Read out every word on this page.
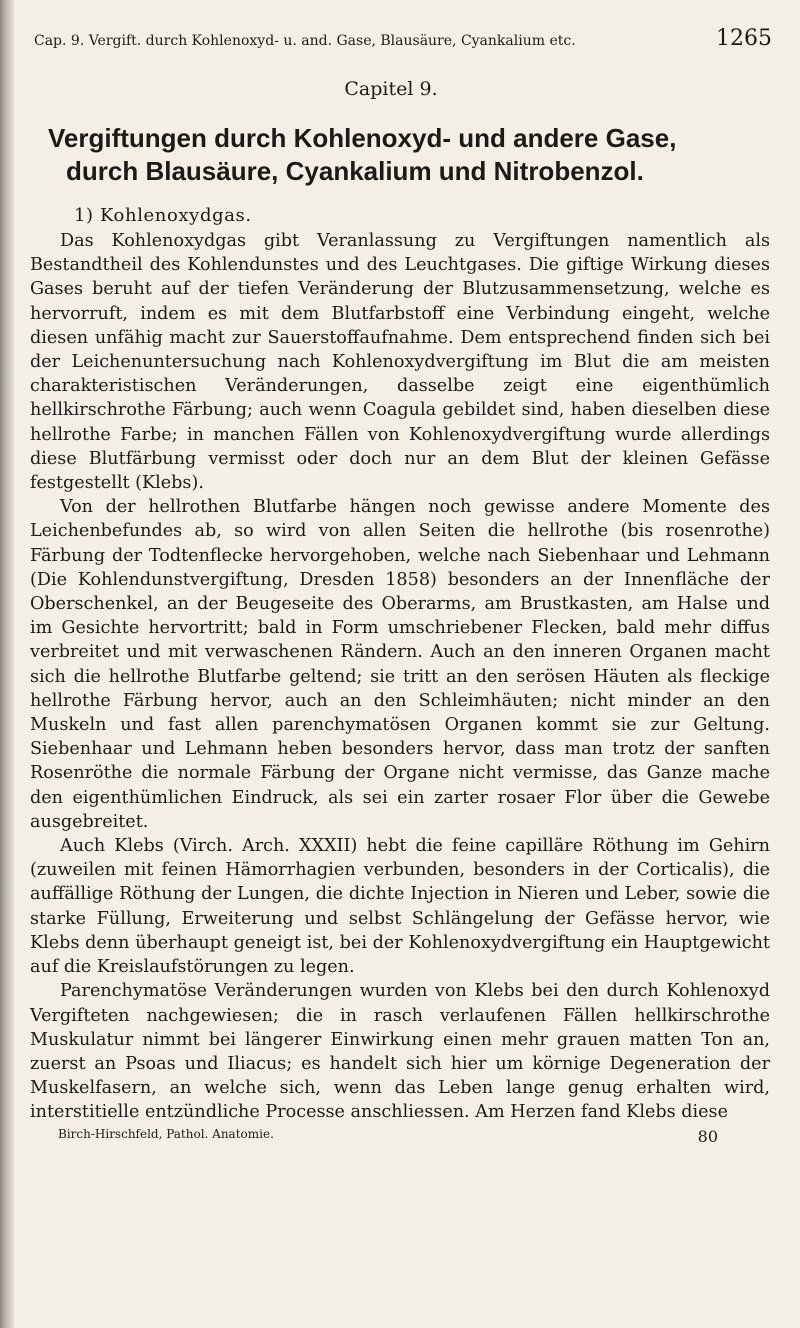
Cap. 9. Vergift. durch Kohlenoxyd- u. and. Gase, Blausäure, Cyankalium etc.	1265
Capitel 9.
Vergiftungen durch Kohlenoxyd- und andere Gase,
durch Blausäure, Cyankalium und Nitrobenzol.
1) Kohlenoxydgas.

Das Kohlenoxydgas gibt Veranlassung zu Vergiftungen namentlich als Bestandtheil des Kohlendunstes und des Leuchtgases. Die giftige Wirkung dieses Gases beruht auf der tiefen Veränderung der Blutzusammensetzung, welche es hervorruft, indem es mit dem Blutfarbstoff eine Verbindung eingeht, welche diesen unfähig macht zur Sauerstoffaufnahme. Dem entsprechend finden sich bei der Leichenuntersuchung nach Kohlenoxydvergiftung im Blut die am meisten charakteristischen Veränderungen, dasselbe zeigt eine eigenthümlich hellkirschrothe Färbung; auch wenn Coagula gebildet sind, haben dieselben diese hellrothe Farbe; in manchen Fällen von Kohlenoxydvergiftung wurde allerdings diese Blutfärbung vermisst oder doch nur an dem Blut der kleinen Gefässe festgestellt (Klebs).

Von der hellrothen Blutfarbe hängen noch gewisse andere Momente des Leichenbefundes ab, so wird von allen Seiten die hellrothe (bis rosenrothe) Färbung der Todtenflecke hervorgehoben, welche nach Siebenhaar und Lehmann (Die Kohlendunstvergiftung, Dresden 1858) besonders an der Innenfläche der Oberschenkel, an der Beugeseite des Oberarms, am Brustkasten, am Halse und im Gesichte hervortritt; bald in Form umschriebener Flecken, bald mehr diffus verbreitet und mit verwaschenen Rändern. Auch an den inneren Organen macht sich die hellrothe Blutfarbe geltend; sie tritt an den serösen Häuten als fleckige hellrothe Färbung hervor, auch an den Schleimhäuten; nicht minder an den Muskeln und fast allen parenchymatösen Organen kommt sie zur Geltung. Siebenhaar und Lehmann heben besonders hervor, dass man trotz der sanften Rosenröthe die normale Färbung der Organe nicht vermisse, das Ganze mache den eigenthümlichen Eindruck, als sei ein zarter rosaer Flor über die Gewebe ausgebreitet.

Auch Klebs (Virch. Arch. XXXII) hebt die feine capilläre Röthung im Gehirn (zuweilen mit feinen Hämorrhagien verbunden, besonders in der Corticalis), die auffällige Röthung der Lungen, die dichte Injection in Nieren und Leber, sowie die starke Füllung, Erweiterung und selbst Schlängelung der Gefässe hervor, wie Klebs denn überhaupt geneigt ist, bei der Kohlenoxydvergiftung ein Hauptgewicht auf die Kreislaufstörungen zu legen.

Parenchymatöse Veränderungen wurden von Klebs bei den durch Kohlenoxyd Vergifteten nachgewiesen; die in rasch verlaufenen Fällen hellkirschrothe Muskulatur nimmt bei längerer Einwirkung einen mehr grauen matten Ton an, zuerst an Psoas und Iliacus; es handelt sich hier um körnige Degeneration der Muskelfasern, an welche sich, wenn das Leben lange genug erhalten wird, interstitielle entzündliche Processe anschliessen. Am Herzen fand Klebs diese

Birch-Hirschfeld, Pathol. Anatomie.	80
